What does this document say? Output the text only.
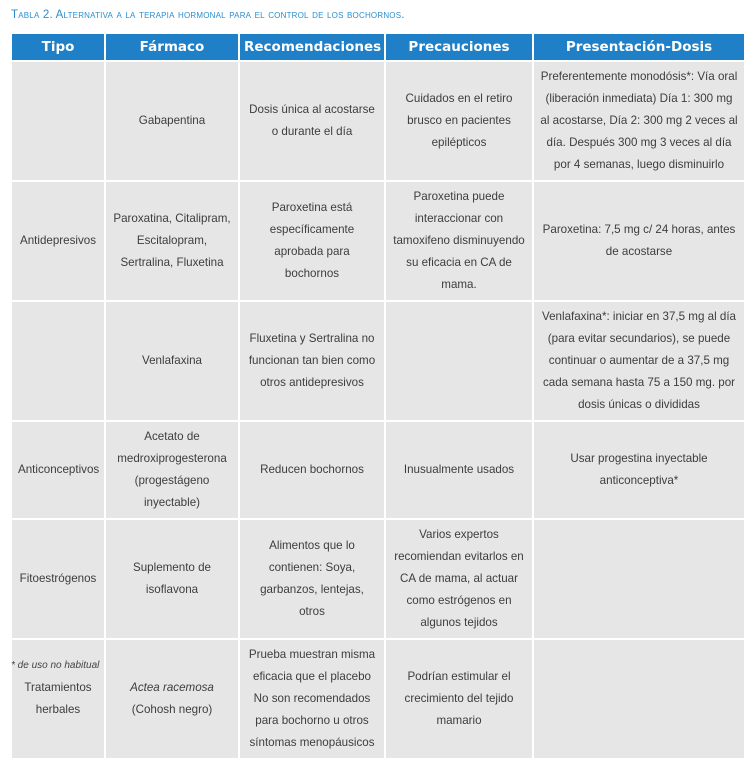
Tabla 2. Alternativa a la terapia hormonal para el control de los bochornos.
Tipo	Fármaco	Recomendaciones	Precauciones	Presentación-Dosis
	Gabapentina	Dosis única al acostarse o durante el día	Cuidados en el retiro brusco en pacientes epilépticos	Preferentemente monodósis*: Vía oral (liberación inmediata) Día 1: 300 mg al acostarse, Día 2: 300 mg 2 veces al día. Después 300 mg 3 veces al día por 4 semanas, luego disminuirlo
Antidepresivos	Paroxatina, Citalipram, Escitalopram, Sertralina, Fluxetina	Paroxetina está específicamente aprobada para bochornos	Paroxetina puede interaccionar con tamoxifeno disminuyendo su eficacia en CA de mama.	Paroxetina: 7,5 mg c/ 24 horas, antes de acostarse
	Venlafaxina	Fluxetina y Sertralina no funcionan tan bien como otros antidepresivos		Venlafaxina*: iniciar en 37,5 mg al día (para evitar secundarios), se puede continuar o aumentar de a 37,5 mg cada semana hasta 75 a 150 mg. por dosis únicas o divididas
Anticonceptivos	Acetato de medroxiprogesterona (progestágeno inyectable)	Reducen bochornos	Inusualmente usados	Usar progestina inyectable anticonceptiva*
Fitoestrógenos	Suplemento de isoflavona	Alimentos que lo contienen: Soya, garbanzos, lentejas, otros	Varios expertos recomiendan evitarlos en CA de mama, al actuar como estrógenos en algunos tejidos	
Tratamientos herbales	Actea racemosa (Cohosh negro)	Prueba muestran misma eficacia que el placebo No son recomendados para bochorno u otros síntomas menopáusicos	Podrían estimular el crecimiento del tejido mamario	
* de uso no habitual
